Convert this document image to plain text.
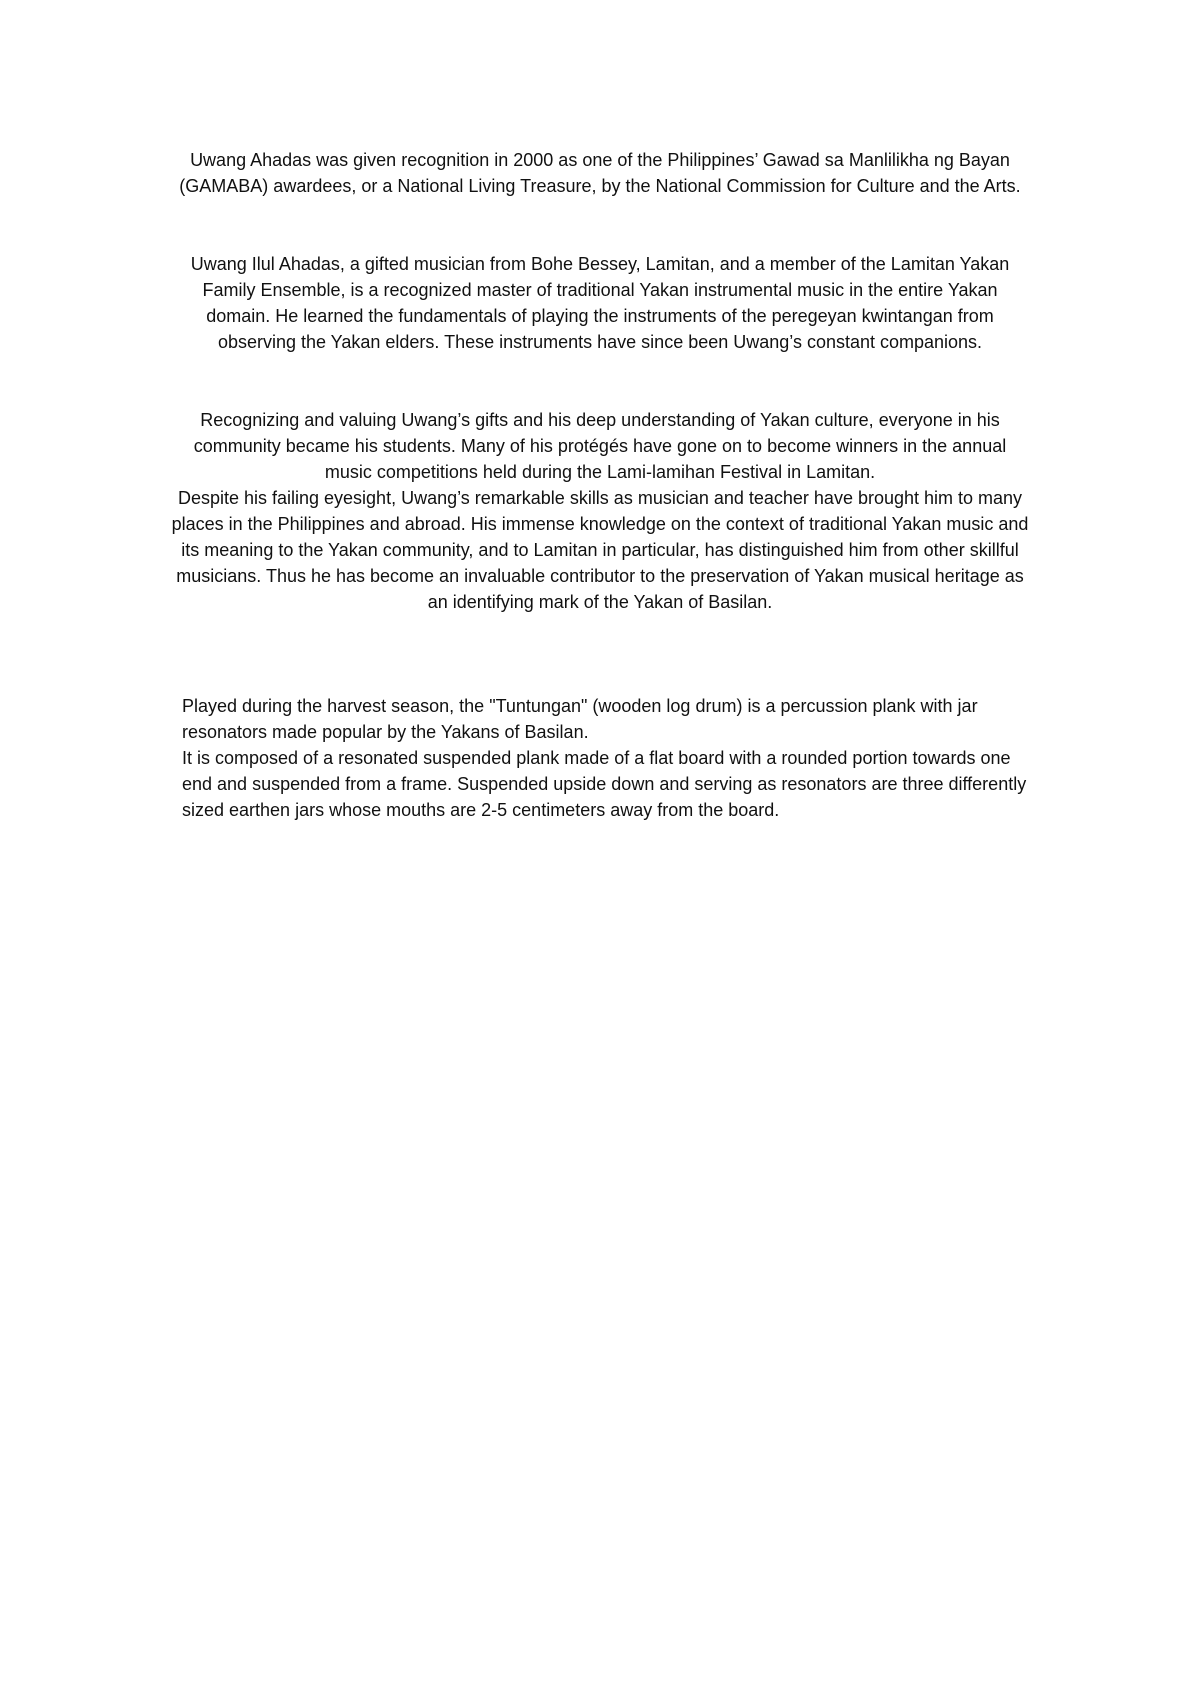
Uwang Ahadas was given recognition in 2000 as one of the Philippines’ Gawad sa Manlilikha ng Bayan (GAMABA) awardees, or a National Living Treasure, by the National Commission for Culture and the Arts.

Uwang Ilul Ahadas, a gifted musician from Bohe Bessey, Lamitan, and a member of the Lamitan Yakan Family Ensemble, is a recognized master of traditional Yakan instrumental music in the entire Yakan domain. He learned the fundamentals of playing the instruments of the peregeyan kwintangan from observing the Yakan elders. These instruments have since been Uwang’s constant companions.

Recognizing and valuing Uwang’s gifts and his deep understanding of Yakan culture, everyone in his community became his students. Many of his protégés have gone on to become winners in the annual music competitions held during the Lami-lamihan Festival in Lamitan.

Despite his failing eyesight, Uwang’s remarkable skills as musician and teacher have brought him to many places in the Philippines and abroad. His immense knowledge on the context of traditional Yakan music and its meaning to the Yakan community, and to Lamitan in particular, has distinguished him from other skillful musicians. Thus he has become an invaluable contributor to the preservation of Yakan musical heritage as an identifying mark of the Yakan of Basilan.

Played during the harvest season, the "Tuntungan" (wooden log drum) is a percussion plank with jar resonators made popular by the Yakans of Basilan.

It is composed of a resonated suspended plank made of a flat board with a rounded portion towards one end and suspended from a frame. Suspended upside down and serving as resonators are three differently sized earthen jars whose mouths are 2-5 centimeters away from the board.
